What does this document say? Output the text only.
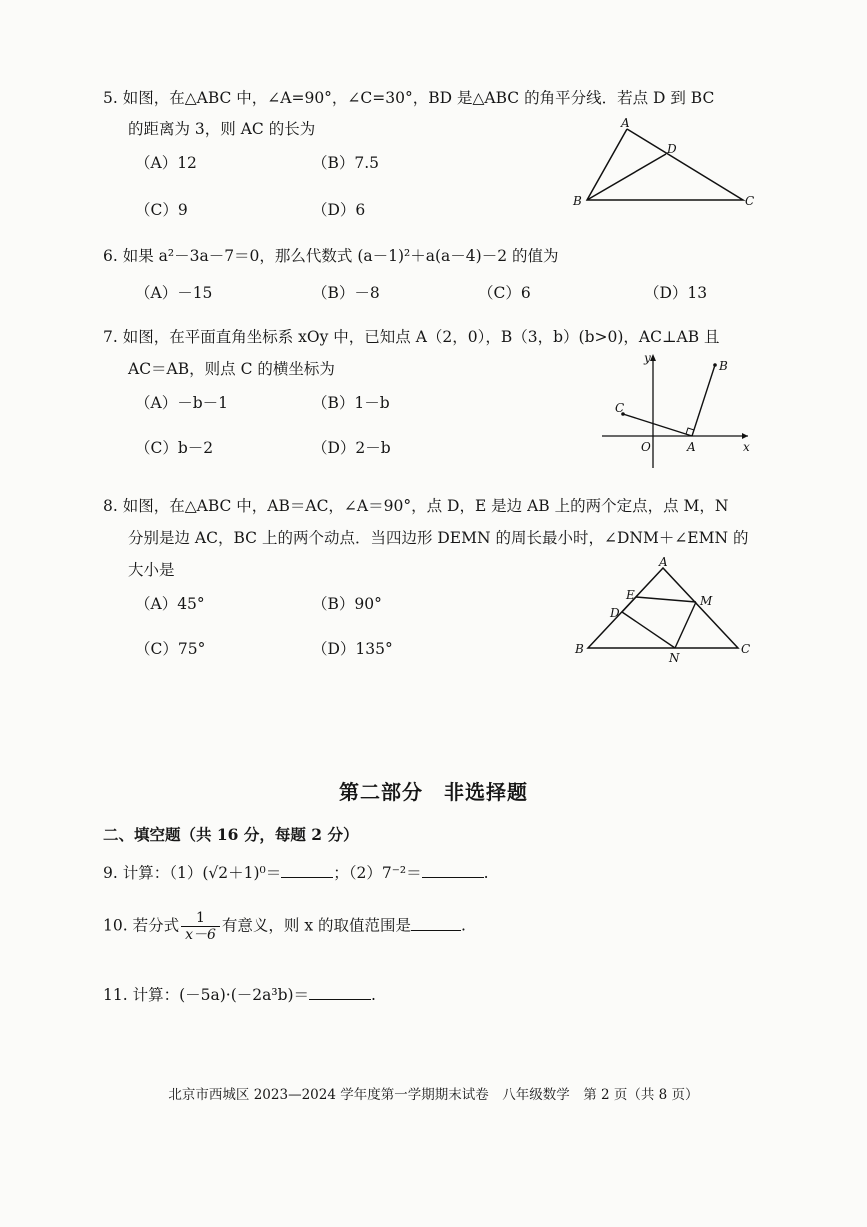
5. 如图，在△ABC 中，∠A=90°，∠C=30°，BD 是△ABC 的角平分线．若点 D 到 BC
的距离为 3，则 AC 的长为
（A）12	（B）7.5
（C）9	（D）6
A
D
B	C
6. 如果 a²－3a－7＝0，那么代数式 (a－1)²＋a(a－4)－2 的值为
（A）－15	（B）－8	（C）6	（D）13
7. 如图，在平面直角坐标系 xOy 中，已知点 A（2，0），B（3，b）(b>0)，AC⊥AB 且
AC＝AB，则点 C 的横坐标为
（A）－b－1	（B）1－b
（C）b－2	（D）2－b
y
B
C
O	A	x
8. 如图，在△ABC 中，AB＝AC，∠A＝90°，点 D，E 是边 AB 上的两个定点，点 M，N
分别是边 AC，BC 上的两个动点．当四边形 DEMN 的周长最小时，∠DNM＋∠EMN 的
大小是
（A）45°	（B）90°
（C）75°	（D）135°
A
E	M
D
B
N
C
第二部分　非选择题
二、填空题（共 16 分，每题 2 分）
9. 计算：（1）(√2＋1)⁰＝	；（2）7⁻²＝	.
10. 若分式 $\frac{1}{x-6}$ 有意义，则 x 的取值范围是	.
11. 计算：(－5a)·(－2a³b)＝	.
北京市西城区 2023—2024 学年度第一学期期末试卷　八年级数学　第 2 页（共 8 页）
